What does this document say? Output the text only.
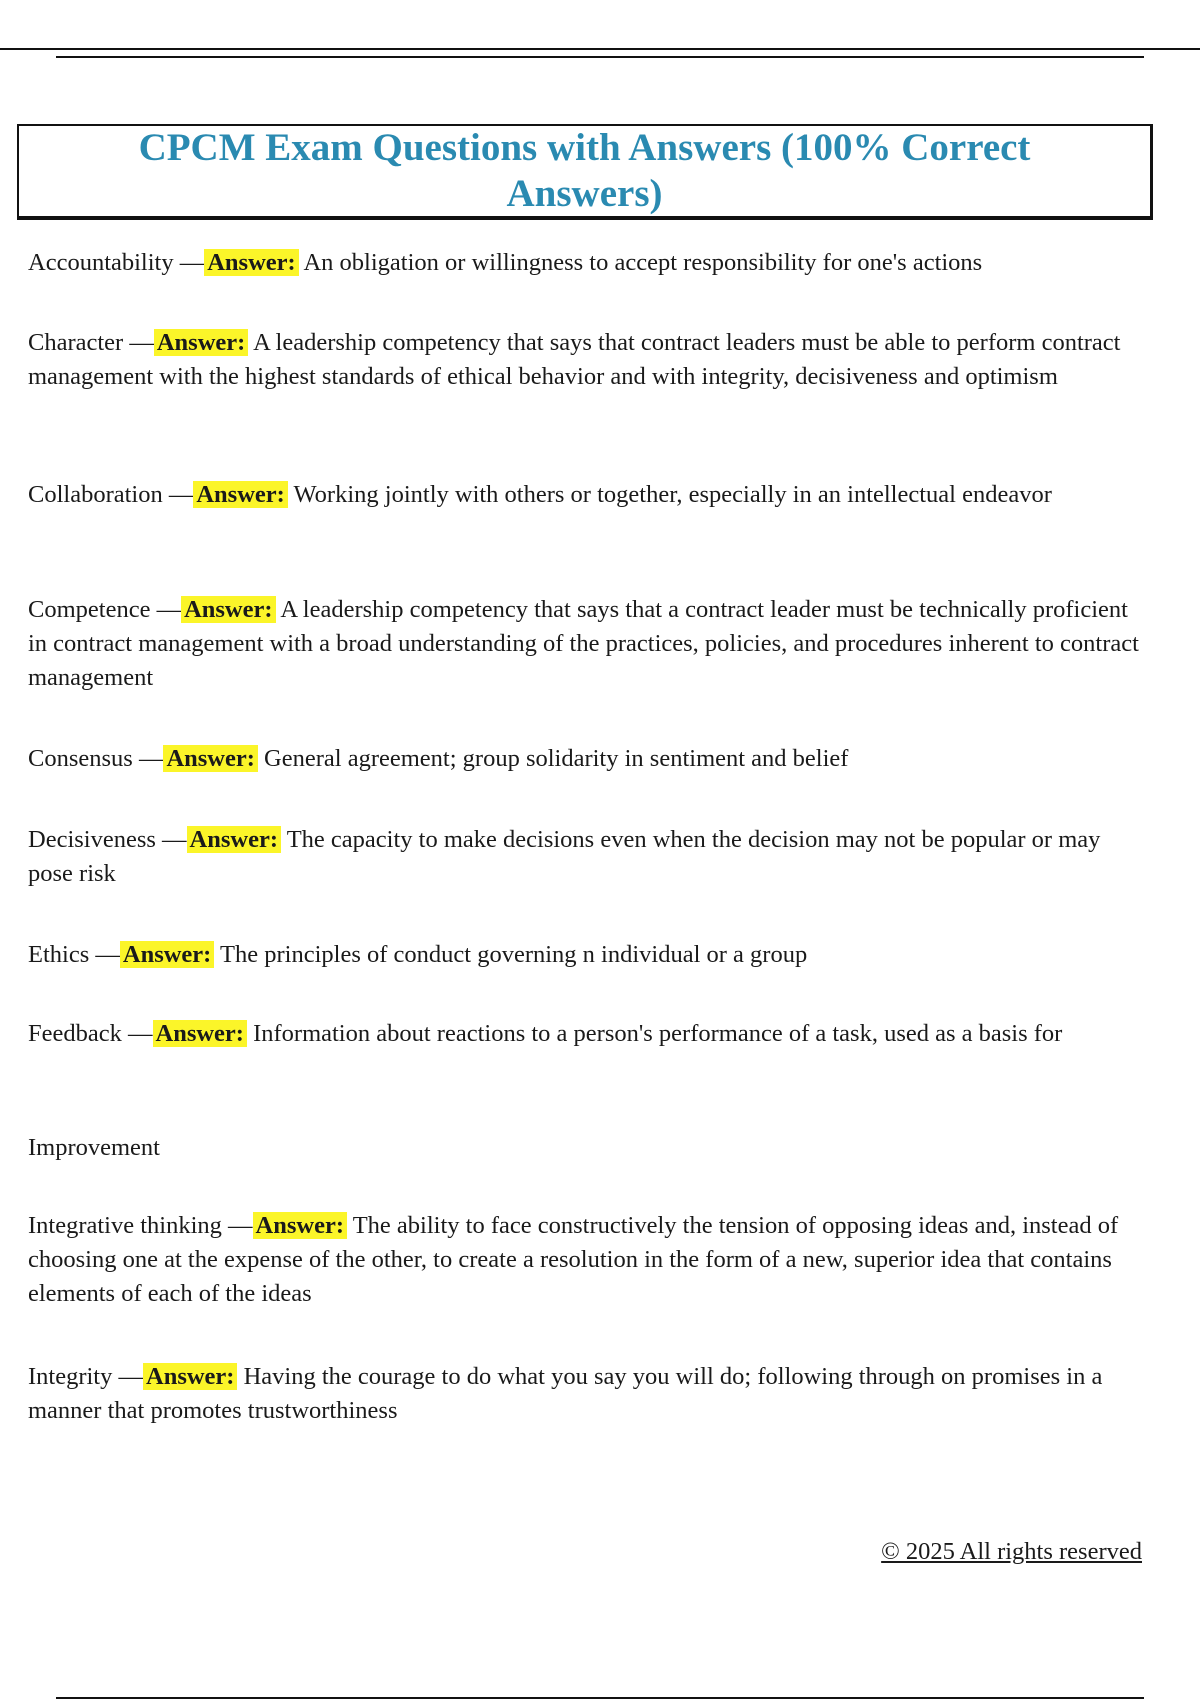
CPCM Exam Questions with Answers (100% Correct Answers)

Accountability — Answer: An obligation or willingness to accept responsibility for one's actions

Character — Answer: A leadership competency that says that contract leaders must be able to perform contract management with the highest standards of ethical behavior and with integrity, decisiveness and optimism

Collaboration — Answer: Working jointly with others or together, especially in an intellectual endeavor

Competence — Answer: A leadership competency that says that a contract leader must be technically proficient in contract management with a broad understanding of the practices, policies, and procedures inherent to contract management

Consensus — Answer: General agreement; group solidarity in sentiment and belief

Decisiveness — Answer: The capacity to make decisions even when the decision may not be popular or may pose risk

Ethics — Answer: The principles of conduct governing n individual or a group

Feedback — Answer: Information about reactions to a person's performance of a task, used as a basis for

Improvement

Integrative thinking — Answer: The ability to face constructively the tension of opposing ideas and, instead of choosing one at the expense of the other, to create a resolution in the form of a new, superior idea that contains elements of each of the ideas

Integrity — Answer: Having the courage to do what you say you will do; following through on promises in a manner that promotes trustworthiness

© 2025 All rights reserved
